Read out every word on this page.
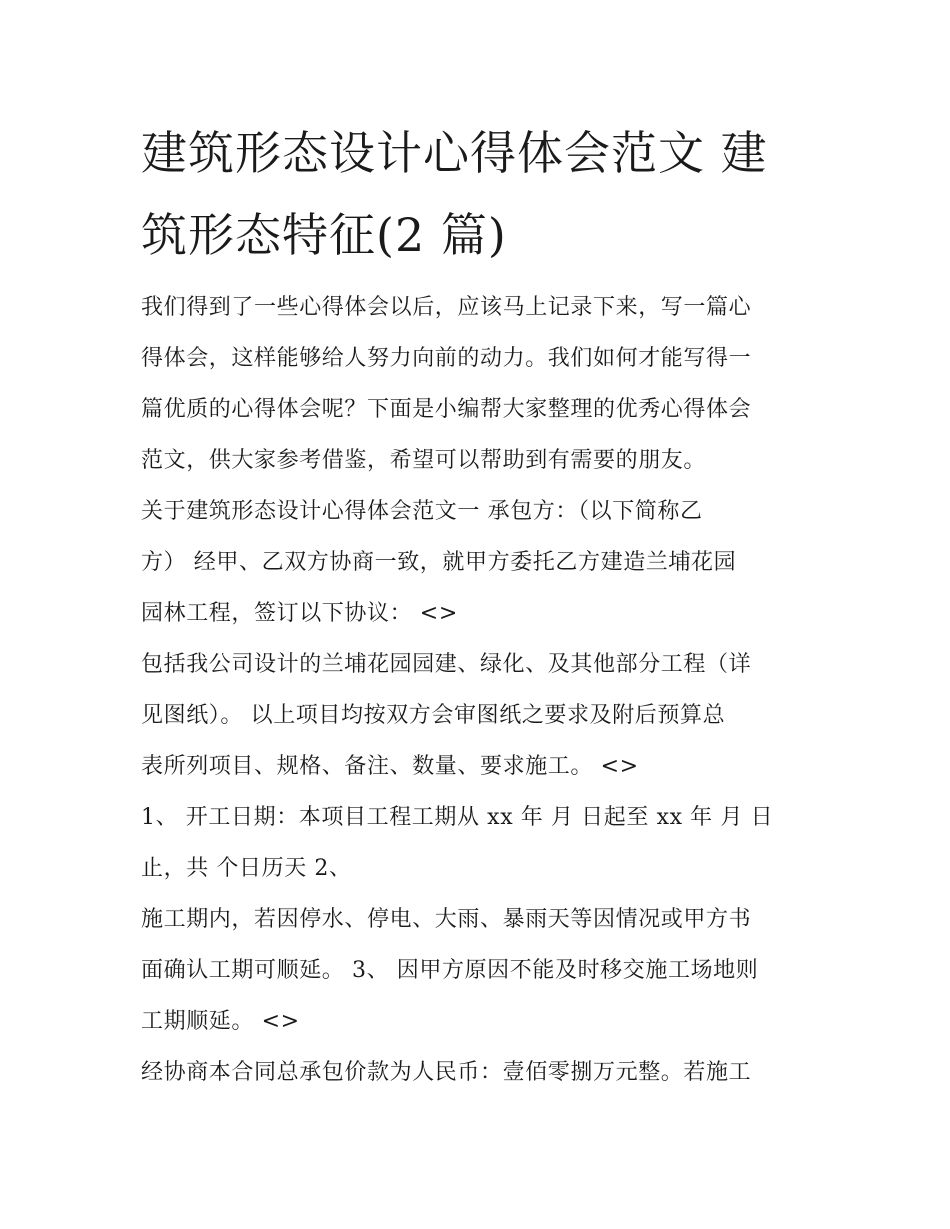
建筑形态设计心得体会范文 建
筑形态特征(2 篇)

我们得到了一些心得体会以后，应该马上记录下来，写一篇心
得体会，这样能够给人努力向前的动力。我们如何才能写得一
篇优质的心得体会呢？下面是小编帮大家整理的优秀心得体会
范文，供大家参考借鉴，希望可以帮助到有需要的朋友。

关于建筑形态设计心得体会范文一 承包方：（以下简称乙
方） 经甲、乙双方协商一致，就甲方委托乙方建造兰埔花园
园林工程，签订以下协议： <>

包括我公司设计的兰埔花园园建、绿化、及其他部分工程（详
见图纸）。 以上项目均按双方会审图纸之要求及附后预算总
表所列项目、规格、备注、数量、要求施工。 <>

1、 开工日期：本项目工程工期从 xx 年 月 日起至 xx 年 月 日
止，共 个日历天 2、

施工期内，若因停水、停电、大雨、暴雨天等因情况或甲方书
面确认工期可顺延。 3、 因甲方原因不能及时移交施工场地则
工期顺延。 <>

经协商本合同总承包价款为人民币：壹佰零捌万元整。若施工
